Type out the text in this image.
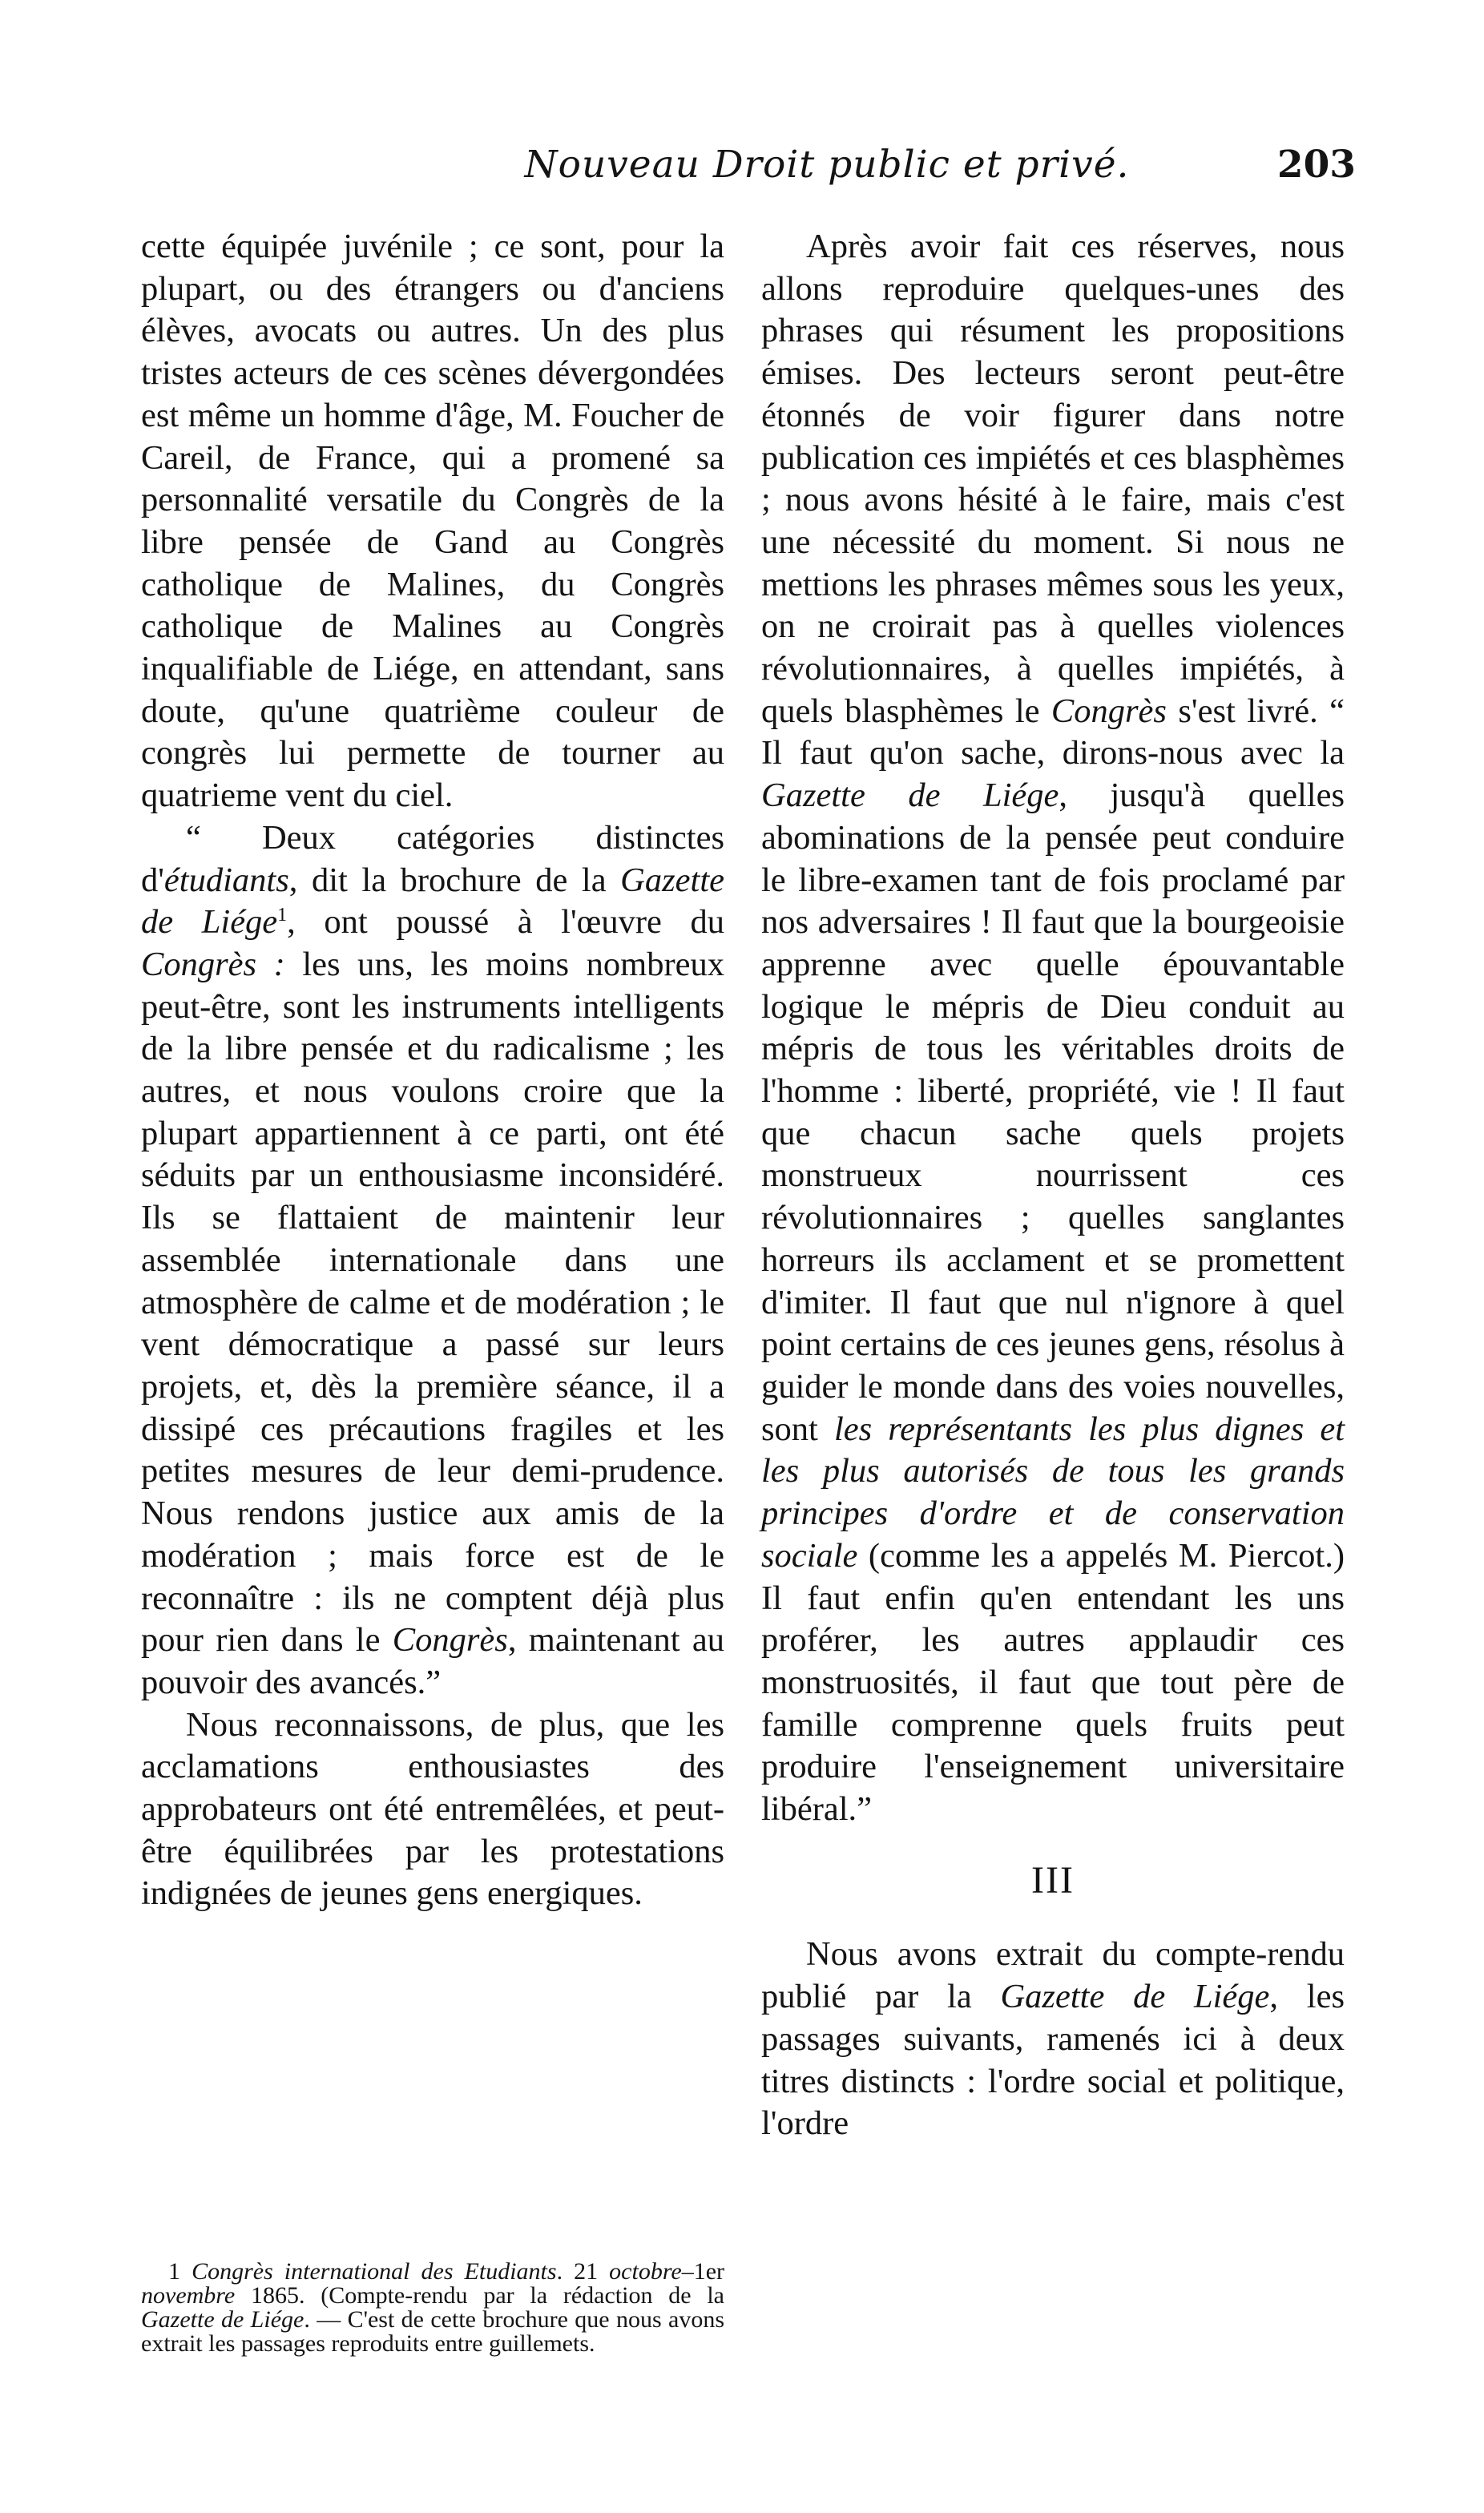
Nouveau Droit public et privé.	203

cette équipée juvénile ; ce sont, pour la plupart, ou des étrangers ou d'anciens élèves, avocats ou autres. Un des plus tristes acteurs de ces scènes dévergondées est même un homme d'âge, M. Foucher de Careil, de France, qui a promené sa personnalité versatile du Congrès de la libre pensée de Gand au Congrès catholique de Malines, du Congrès catholique de Malines au Congrès inqualifiable de Liége, en attendant, sans doute, qu'une quatrième couleur de congrès lui permette de tourner au quatrieme vent du ciel.

“ Deux catégories distinctes d'étudiants, dit la brochure de la Gazette de Liége$^1$, ont poussé à l'œuvre du Congrès : les uns, les moins nombreux peut-être, sont les instruments intelligents de la libre pensée et du radicalisme ; les autres, et nous voulons croire que la plupart appartiennent à ce parti, ont été séduits par un enthousiasme inconsidéré. Ils se flattaient de maintenir leur assemblée internationale dans une atmosphère de calme et de modération ; le vent démocratique a passé sur leurs projets, et, dès la première séance, il a dissipé ces précautions fragiles et les petites mesures de leur demi-prudence. Nous rendons justice aux amis de la modération ; mais force est de le reconnaître : ils ne comptent déjà plus pour rien dans le Congrès, maintenant au pouvoir des avancés.”

Nous reconnaissons, de plus, que les acclamations enthousiastes des approbateurs ont été entremêlées, et peut-être équilibrées par les protestations indignées de jeunes gens energiques.

1 Congrès international des Etudiants. 21 octobre–1er novembre 1865. (Compte-rendu par la rédaction de la Gazette de Liége. — C'est de cette brochure que nous avons extrait les passages reproduits entre guillemets.

Après avoir fait ces réserves, nous allons reproduire quelques-unes des phrases qui résument les propositions émises. Des lecteurs seront peut-être étonnés de voir figurer dans notre publication ces impiétés et ces blasphèmes ; nous avons hésité à le faire, mais c'est une nécessité du moment. Si nous ne mettions les phrases mêmes sous les yeux, on ne croirait pas à quelles violences révolutionnaires, à quelles impiétés, à quels blasphèmes le Congrès s'est livré. “ Il faut qu'on sache, dirons-nous avec la Gazette de Liége, jusqu'à quelles abominations de la pensée peut conduire le libre-examen tant de fois proclamé par nos adversaires ! Il faut que la bourgeoisie apprenne avec quelle épouvantable logique le mépris de Dieu conduit au mépris de tous les véritables droits de l'homme : liberté, propriété, vie ! Il faut que chacun sache quels projets monstrueux nourrissent ces révolutionnaires ; quelles sanglantes horreurs ils acclament et se promettent d'imiter. Il faut que nul n'ignore à quel point certains de ces jeunes gens, résolus à guider le monde dans des voies nouvelles, sont les représentants les plus dignes et les plus autorisés de tous les grands principes d'ordre et de conservation sociale (comme les a appelés M. Piercot.) Il faut enfin qu'en entendant les uns proférer, les autres applaudir ces monstruosités, il faut que tout père de famille comprenne quels fruits peut produire l'enseignement universitaire libéral.”

III

Nous avons extrait du compte-rendu publié par la Gazette de Liége, les passages suivants, ramenés ici à deux titres distincts : l'ordre social et politique, l'ordre
